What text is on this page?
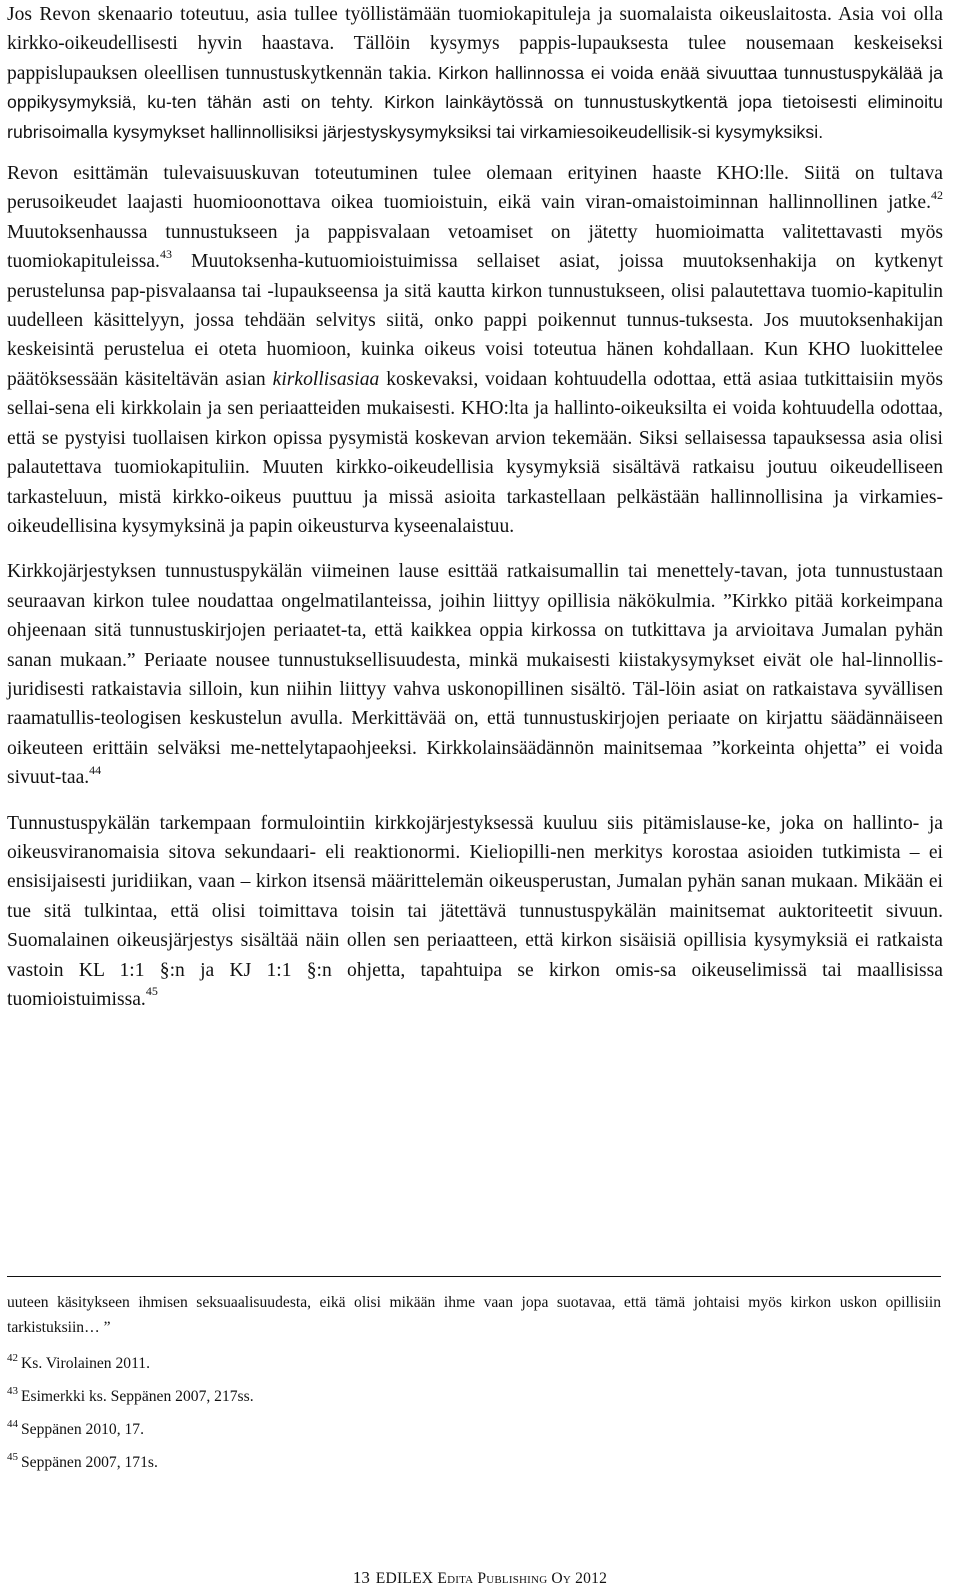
Jos Revon skenaario toteutuu, asia tullee työllistämään tuomiokapituleja ja suomalaista oikeuslaitosta. Asia voi olla kirkko-oikeudellisesti hyvin haastava. Tällöin kysymys pappis-lupauksesta tulee nousemaan keskeiseksi pappislupauksen oleellisen tunnustuskytkennän takia. Kirkon hallinnossa ei voida enää sivuuttaa tunnustuspykälää ja oppikysymyksiä, ku-ten tähän asti on tehty. Kirkon lainkäytössä on tunnustuskytkentä jopa tietoisesti eliminoitu rubrisoimalla kysymykset hallinnollisiksi järjestyskysymyksiksi tai virkamiesoikeudellisik-si kysymyksiksi.

Revon esittämän tulevaisuuskuvan toteutuminen tulee olemaan erityinen haaste KHO:lle. Siitä on tultava perusoikeudet laajasti huomioonottava oikea tuomioistuin, eikä vain viran-omaistoiminnan hallinnollinen jatke.$^{42}$ Muutoksenhaussa tunnustukseen ja pappisvalaan vetoamiset on jätetty huomioimatta valitettavasti myös tuomiokapituleissa.$^{43}$ Muutoksenha-kutuomioistuimissa sellaiset asiat, joissa muutoksenhakija on kytkenyt perustelunsa pap-pisvalaansa tai -lupaukseensa ja sitä kautta kirkon tunnustukseen, olisi palautettava tuomio-kapitulin uudelleen käsittelyyn, jossa tehdään selvitys siitä, onko pappi poikennut tunnus-tuksesta. Jos muutoksenhakijan keskeisintä perustelua ei oteta huomioon, kuinka oikeus voisi toteutua hänen kohdallaan. Kun KHO luokittelee päätöksessään käsiteltävän asian kirkollisasiaa koskevaksi, voidaan kohtuudella odottaa, että asiaa tutkittaisiin myös sellai-sena eli kirkkolain ja sen periaatteiden mukaisesti. KHO:lta ja hallinto-oikeuksilta ei voida kohtuudella odottaa, että se pystyisi tuollaisen kirkon opissa pysymistä koskevan arvion tekemään. Siksi sellaisessa tapauksessa asia olisi palautettava tuomiokapituliin. Muuten kirkko-oikeudellisia kysymyksiä sisältävä ratkaisu joutuu oikeudelliseen tarkasteluun, mistä kirkko-oikeus puuttuu ja missä asioita tarkastellaan pelkästään hallinnollisina ja virkamies-oikeudellisina kysymyksinä ja papin oikeusturva kyseenalaistuu.

Kirkkojärjestyksen tunnustuspykälän viimeinen lause esittää ratkaisumallin tai menettely-tavan, jota tunnustustaan seuraavan kirkon tulee noudattaa ongelmatilanteissa, joihin liittyy opillisia näkökulmia. ”Kirkko pitää korkeimpana ohjeenaan sitä tunnustuskirjojen periaatet-ta, että kaikkea oppia kirkossa on tutkittava ja arvioitava Jumalan pyhän sanan mukaan.” Periaate nousee tunnustuksellisuudesta, minkä mukaisesti kiistakysymykset eivät ole hal-linnollis-juridisesti ratkaistavia silloin, kun niihin liittyy vahva uskonopillinen sisältö. Täl-löin asiat on ratkaistava syvällisen raamatullis-teologisen keskustelun avulla. Merkittävää on, että tunnustuskirjojen periaate on kirjattu säädännäiseen oikeuteen erittäin selväksi me-nettelytapaohjeeksi. Kirkkolainsäädännön mainitsemaa ”korkeinta ohjetta” ei voida sivuut-taa.$^{44}$

Tunnustuspykälän tarkempaan formulointiin kirkkojärjestyksessä kuuluu siis pitämislause-ke, joka on hallinto- ja oikeusviranomaisia sitova sekundaari- eli reaktionormi. Kieliopilli-nen merkitys korostaa asioiden tutkimista – ei ensisijaisesti juridiikan, vaan – kirkon itsensä määrittelemän oikeusperustan, Jumalan pyhän sanan mukaan. Mikään ei tue sitä tulkintaa, että olisi toimittava toisin tai jätettävä tunnustuspykälän mainitsemat auktoriteetit sivuun. Suomalainen oikeusjärjestys sisältää näin ollen sen periaatteen, että kirkon sisäisiä opillisia kysymyksiä ei ratkaista vastoin KL 1:1 §:n ja KJ 1:1 §:n ohjetta, tapahtuipa se kirkon omis-sa oikeuselimissä tai maallisissa tuomioistuimissa.$^{45}$

uuteen käsitykseen ihmisen seksuaalisuudesta, eikä olisi mikään ihme vaan jopa suotavaa, että tämä johtaisi myös kirkon uskon opillisiin tarkistuksiin… ”

$^{42}$ Ks. Virolainen 2011.

$^{43}$ Esimerkki ks. Seppänen 2007, 217ss.

$^{44}$ Seppänen 2010, 17.

$^{45}$ Seppänen 2007, 171s.

13 EDILEX Edita Publishing Oy 2012
